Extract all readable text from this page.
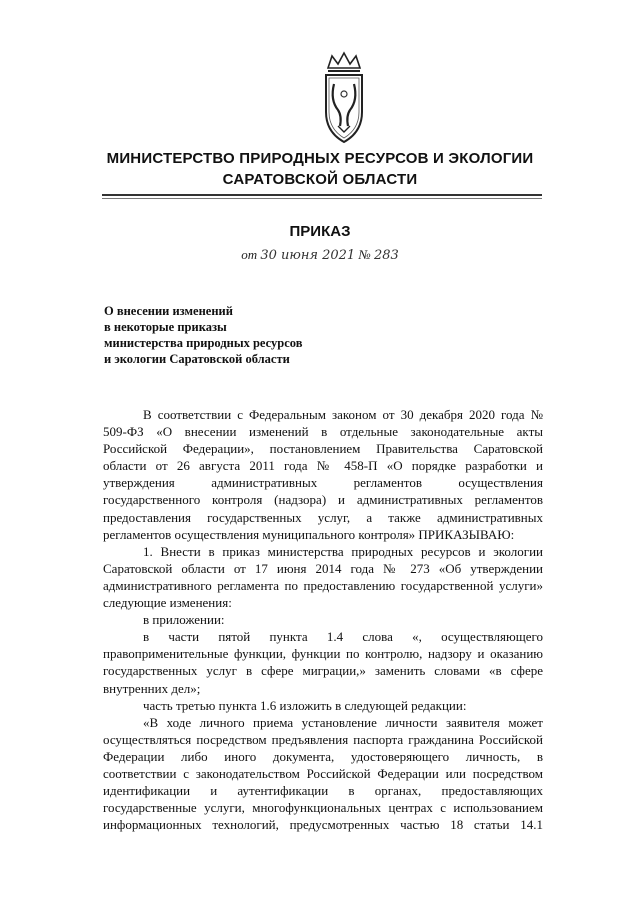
МИНИСТЕРСТВО ПРИРОДНЫХ РЕСУРСОВ И ЭКОЛОГИИ
САРАТОВСКОЙ ОБЛАСТИ
ПРИКАЗ
от 30 июня 2021 № 283
О внесении изменений
в некоторые приказы
министерства природных ресурсов
и экологии Саратовской области
В соответствии с Федеральным законом от 30 декабря 2020 года №
509-ФЗ «О внесении изменений в отдельные законодательные акты
Российской Федерации», постановлением Правительства Саратовской
области от 26 августа 2011 года № 458-П «О порядке разработки и
утверждения административных регламентов осуществления
государственного контроля (надзора) и административных регламентов
предоставления государственных услуг, а также административных
регламентов осуществления муниципального контроля» ПРИКАЗЫВАЮ:
1. Внести в приказ министерства природных ресурсов и экологии
Саратовской области от 17 июня 2014 года № 273 «Об утверждении
административного регламента по предоставлению государственной услуги»
следующие изменения:
в приложении:
в части пятой пункта 1.4 слова «, осуществляющего
правоприменительные функции, функции по контролю, надзору и оказанию
государственных услуг в сфере миграции,» заменить словами «в сфере
внутренних дел»;
часть третью пункта 1.6 изложить в следующей редакции:
«В ходе личного приема установление личности заявителя может
осуществляться посредством предъявления паспорта гражданина Российской
Федерации либо иного документа, удостоверяющего личность, в
соответствии с законодательством Российской Федерации или посредством
идентификации и аутентификации в органах, предоставляющих
государственные услуги, многофункциональных центрах с использованием
информационных технологий, предусмотренных частью 18 статьи 14.1
